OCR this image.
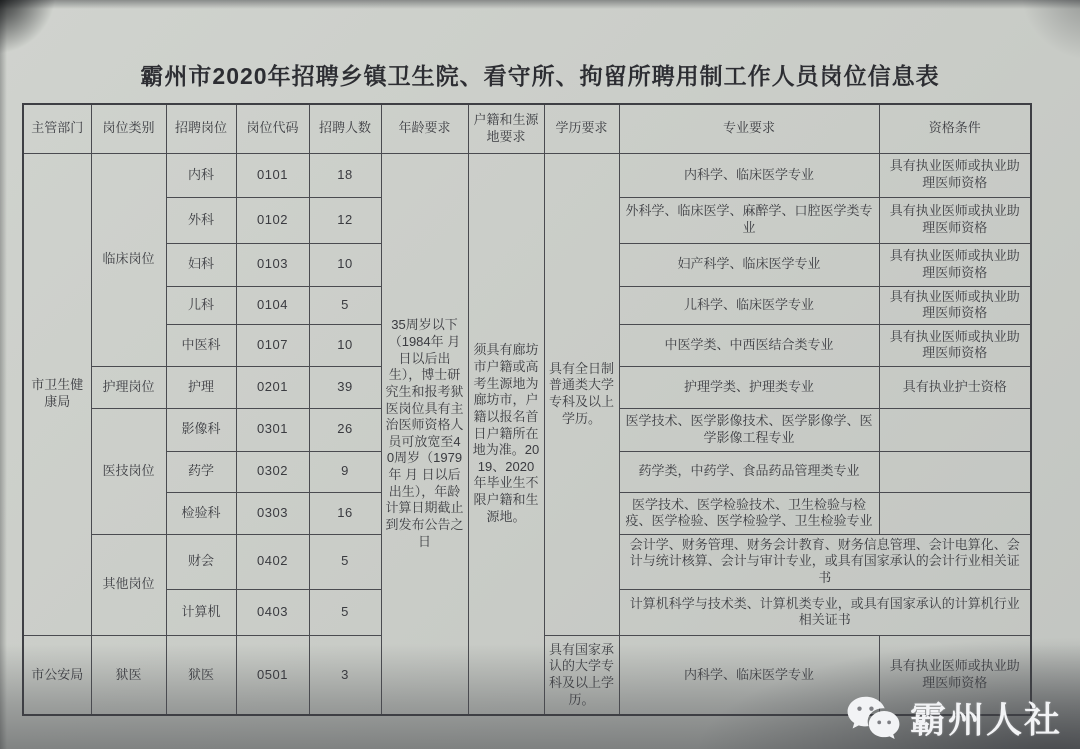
霸州市2020年招聘乡镇卫生院、看守所、拘留所聘用制工作人员岗位信息表
主管部门	岗位类别	招聘岗位	岗位代码	招聘人数	年龄要求	户籍和生源地要求	学历要求	专业要求	资格条件
市卫生健康局	临床岗位	内科	0101	18	35周岁以下（1984年 月 日以后出生），博士研究生和报考狱医岗位具有主治医师资格人员可放宽至40周岁（1979年 月 日以后出生），年龄计算日期截止到发布公告之日	须具有廊坊市户籍或高考生源地为廊坊市，户籍以报名首日户籍所在地为准。2019、2020年毕业生不限户籍和生源地。	具有全日制普通类大学专科及以上学历。	内科学、临床医学专业	具有执业医师或执业助理医师资格
		外科	0102	12				外科学、临床医学、麻醉学、口腔医学类专业	具有执业医师或执业助理医师资格
		妇科	0103	10				妇产科学、临床医学专业	具有执业医师或执业助理医师资格
		儿科	0104	5				儿科学、临床医学专业	具有执业医师或执业助理医师资格
		中医科	0107	10				中医学类、中西医结合类专业	具有执业医师或执业助理医师资格
	护理岗位	护理	0201	39				护理学类、护理类专业	具有执业护士资格
	医技岗位	影像科	0301	26				医学技术、医学影像技术、医学影像学、医学影像工程专业	
		药学	0302	9				药学类，中药学、食品药品管理类专业	
		检验科	0303	16				医学技术、医学检验技术、卫生检验与检疫、医学检验、医学检验学、卫生检验专业	
	其他岗位	财会	0402	5				会计学、财务管理、财务会计教育、财务信息管理、会计电算化、会计与统计核算、会计与审计专业，或具有国家承认的会计行业相关证书	
		计算机	0403	5				计算机科学与技术类、计算机类专业，或具有国家承认的计算机行业相关证书	
市公安局	狱医	狱医	0501	3			具有国家承认的大学专科及以上学历。	内科学、临床医学专业	具有执业医师或执业助理医师资格
霸州人社
